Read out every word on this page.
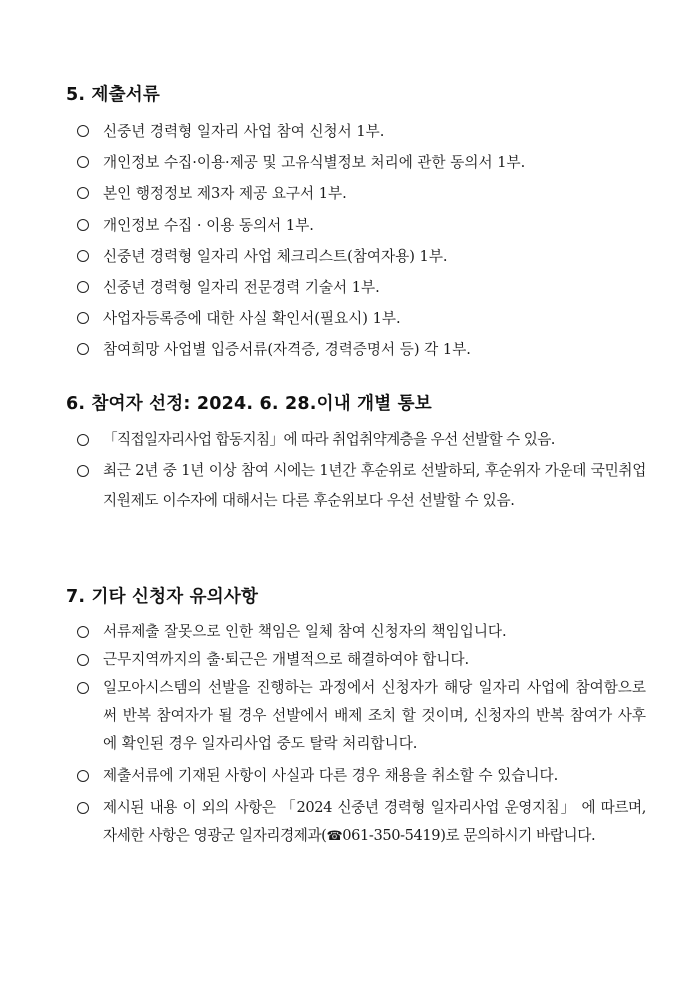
5. 제출서류
신중년 경력형 일자리 사업 참여 신청서 1부.
개인정보 수집·이용·제공 및 고유식별정보 처리에 관한 동의서 1부.
본인 행정정보 제3자 제공 요구서 1부.
개인정보 수집 · 이용 동의서 1부.
신중년 경력형 일자리 사업 체크리스트(참여자용) 1부.
신중년 경력형 일자리 전문경력 기술서 1부.
사업자등록증에 대한 사실 확인서(필요시) 1부.
참여희망 사업별 입증서류(자격증, 경력증명서 등) 각 1부.
6. 참여자 선정: 2024. 6. 28.이내 개별 통보
「직접일자리사업 합동지침」에 따라 취업취약계층을 우선 선발할 수 있음.
최근 2년 중 1년 이상 참여 시에는 1년간 후순위로 선발하되, 후순위자 가운데 국민취업지원제도 이수자에 대해서는 다른 후순위보다 우선 선발할 수 있음.
7. 기타 신청자 유의사항
서류제출 잘못으로 인한 책임은 일체 참여 신청자의 책임입니다.
근무지역까지의 출·퇴근은 개별적으로 해결하여야 합니다.
일모아시스템의 선발을 진행하는 과정에서 신청자가 해당 일자리 사업에 참여함으로써 반복 참여자가 될 경우 선발에서 배제 조치 할 것이며, 신청자의 반복 참여가 사후에 확인된 경우 일자리사업 중도 탈락 처리합니다.
제출서류에 기재된 사항이 사실과 다른 경우 채용을 취소할 수 있습니다.
제시된 내용 이 외의 사항은 「2024 신중년 경력형 일자리사업 운영지침」 에 따르며, 자세한 사항은 영광군 일자리경제과(☎061-350-5419)로 문의하시기 바랍니다.
